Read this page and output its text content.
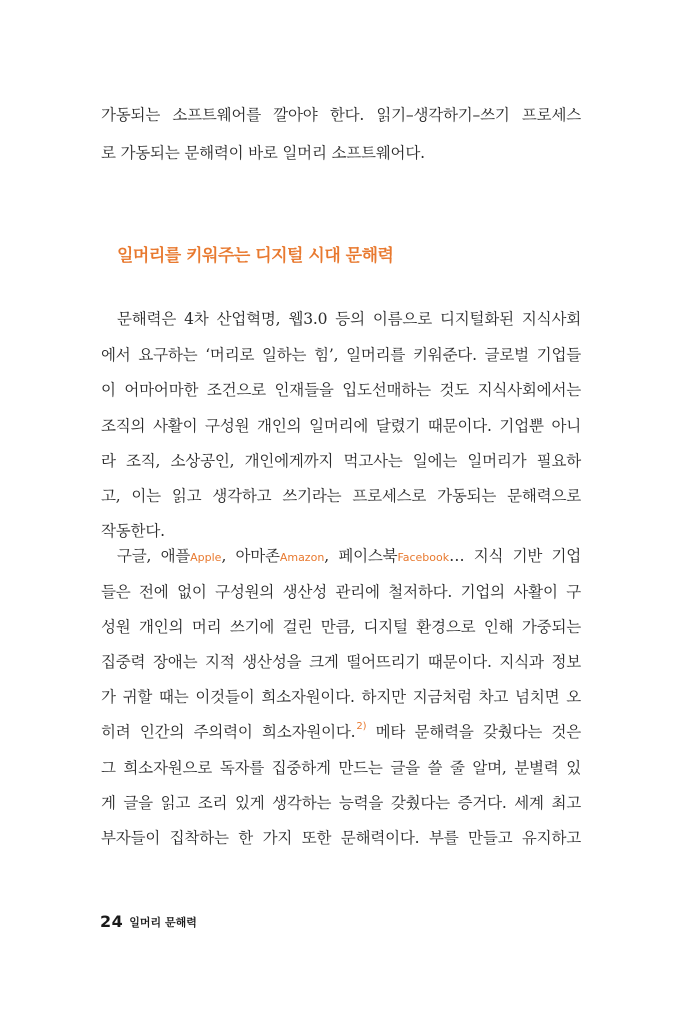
가동되는 소프트웨어를 깔아야 한다. 읽기–생각하기–쓰기 프로세스
로 가동되는 문해력이 바로 일머리 소프트웨어다.
일머리를 키워주는 디지털 시대 문해력
문해력은 4차 산업혁명, 웹3.0 등의 이름으로 디지털화된 지식사회
에서 요구하는 ‘머리로 일하는 힘’, 일머리를 키워준다. 글로벌 기업들
이 어마어마한 조건으로 인재들을 입도선매하는 것도 지식사회에서는
조직의 사활이 구성원 개인의 일머리에 달렸기 때문이다. 기업뿐 아니
라 조직, 소상공인, 개인에게까지 먹고사는 일에는 일머리가 필요하
고, 이는 읽고 생각하고 쓰기라는 프로세스로 가동되는 문해력으로
작동한다.
구글, 애플Apple, 아마존Amazon, 페이스북Facebook… 지식 기반 기업
들은 전에 없이 구성원의 생산성 관리에 철저하다. 기업의 사활이 구
성원 개인의 머리 쓰기에 걸린 만큼, 디지털 환경으로 인해 가중되는
집중력 장애는 지적 생산성을 크게 떨어뜨리기 때문이다. 지식과 정보
가 귀할 때는 이것들이 희소자원이다. 하지만 지금처럼 차고 넘치면 오
히려 인간의 주의력이 희소자원이다.$^{2)}$ 메타 문해력을 갖췄다는 것은
그 희소자원으로 독자를 집중하게 만드는 글을 쓸 줄 알며, 분별력 있
게 글을 읽고 조리 있게 생각하는 능력을 갖췄다는 증거다. 세계 최고
부자들이 집착하는 한 가지 또한 문해력이다. 부를 만들고 유지하고
24 일머리 문해력
